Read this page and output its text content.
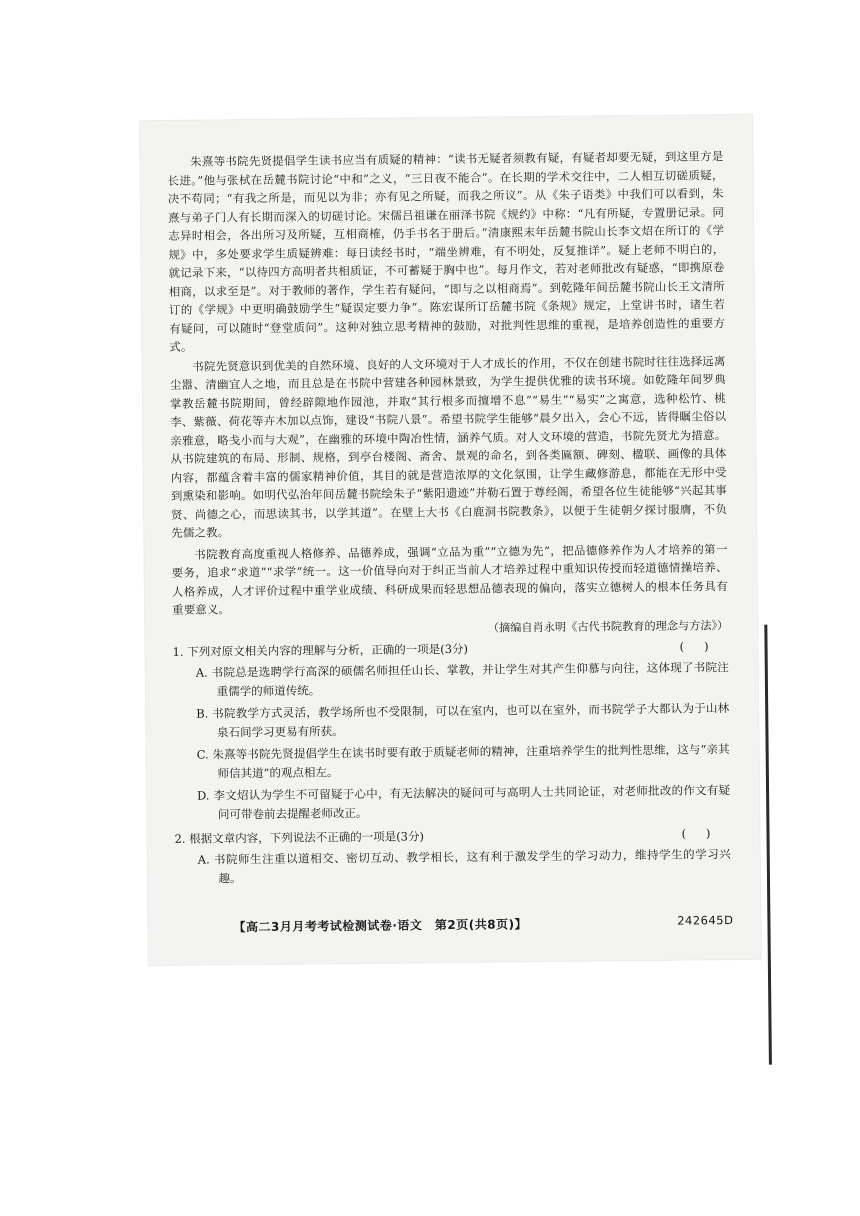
朱熹等书院先贤提倡学生读书应当有质疑的精神：“读书无疑者须教有疑，有疑者却要无疑，到这里方是长进。”他与张栻在岳麓书院讨论“中和”之义，“三日夜不能合”。在长期的学术交往中，二人相互切磋质疑，决不苟同；“有我之所是，而见以为非；亦有见之所疑，而我之所议”。从《朱子语类》中我们可以看到，朱熹与弟子门人有长期而深入的切磋讨论。宋儒吕祖谦在丽泽书院《规约》中称：“凡有所疑，专置册记录。同志异时相会，各出所习及所疑，互相商榷，仍手书名于册后。”清康熙末年岳麓书院山长李文炤在所订的《学规》中，多处要求学生质疑辨难：每日读经书时，“端坐辨难，有不明处，反复推详”。疑上老师不明白的，就记录下来，“以待四方高明者共相质证，不可蓄疑于胸中也”。每月作文，若对老师批改有疑惑，“即携原卷相商，以求至是”。对于教师的著作，学生若有疑问，“即与之以相商焉”。到乾隆年间岳麓书院山长王文清所订的《学规》中更明确鼓励学生“疑误定要力争”。陈宏谋所订岳麓书院《条规》规定，上堂讲书时，诸生若有疑问，可以随时“登堂质问”。这种对独立思考精神的鼓励，对批判性思维的重视，是培养创造性的重要方式。

书院先贤意识到优美的自然环境、良好的人文环境对于人才成长的作用，不仅在创建书院时往往选择远离尘嚣、清幽宜人之地，而且总是在书院中营建各种园林景致，为学生提供优雅的读书环境。如乾隆年间罗典掌教岳麓书院期间，曾经辟隙地作园池，并取“其行根多而擅增不息”“易生”“易实”之寓意，选种松竹、桃李、紫薇、荷花等卉木加以点饰，建设“书院八景”。希望书院学生能够“晨夕出入，会心不远，皆得瞩尘俗以亲雅意，略戋小而与大观”，在幽雅的环境中陶冶性情，涵养气质。对人文环境的营造，书院先贤尤为措意。从书院建筑的布局、形制、规格，到亭台楼阁、斋舍、景观的命名，到各类匾额、碑刻、楹联、画像的具体内容，都蕴含着丰富的儒家精神价值，其目的就是营造浓厚的文化氛围，让学生藏修游息，都能在无形中受到熏染和影响。如明代弘治年间岳麓书院绘朱子“紫阳遗迹”并勒石置于尊经阁，希望各位生徒能够“兴起其事贤、尚德之心，而思读其书，以学其道”。在壁上大书《白鹿洞书院教条》，以便于生徒朝夕探讨服膺，不负先儒之教。

书院教育高度重视人格修养、品德养成，强调“立品为重”“立德为先”，把品德修养作为人才培养的第一要务，追求“求道”“求学”统一。这一价值导向对于纠正当前人才培养过程中重知识传授而轻道德情操培养、人格养成，人才评价过程中重学业成绩、科研成果而轻思想品德表现的偏向，落实立德树人的根本任务具有重要意义。

（摘编自肖永明《古代书院教育的理念与方法》）

1. 下列对原文相关内容的理解与分析，正确的一项是(3分)	()

A. 书院总是选聘学行高深的硕儒名师担任山长、掌教，并让学生对其产生仰慕与向往，这体现了书院注重儒学的师道传统。

B. 书院教学方式灵活，教学场所也不受限制，可以在室内，也可以在室外，而书院学子大都认为于山林泉石间学习更易有所获。

C. 朱熹等书院先贤提倡学生在读书时要有敢于质疑老师的精神，注重培养学生的批判性思维，这与“亲其师信其道”的观点相左。

D. 李文炤认为学生不可留疑于心中，有无法解决的疑问可与高明人士共同论证，对老师批改的作文有疑问可带卷前去提醒老师改正。

2. 根据文章内容，下列说法不正确的一项是(3分)	()

A. 书院师生注重以道相交、密切互动、教学相长，这有利于激发学生的学习动力，维持学生的学习兴趣。

【高二3月月考考试检测试卷·语文　第2页(共8页)】	242645D
